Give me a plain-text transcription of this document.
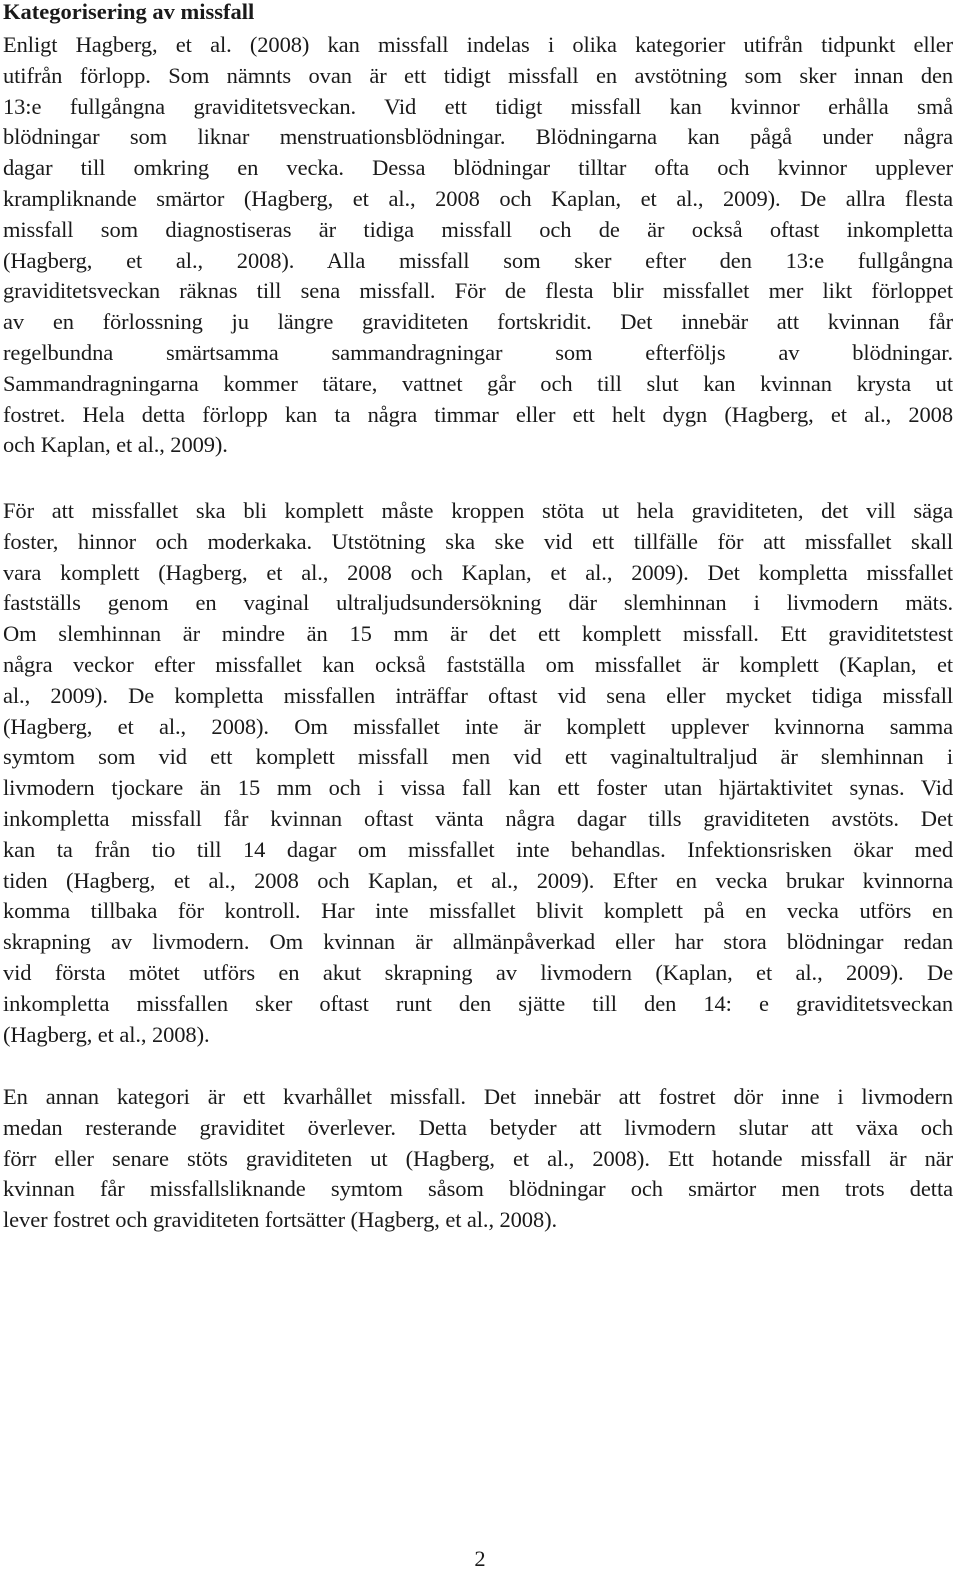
Kategorisering av missfall
Enligt Hagberg, et al. (2008) kan missfall indelas i olika kategorier utifrån tidpunkt eller
utifrån förlopp. Som nämnts ovan är ett tidigt missfall en avstötning som sker innan den
13:e fullgångna graviditetsveckan. Vid ett tidigt missfall kan kvinnor erhålla små
blödningar som liknar menstruationsblödningar. Blödningarna kan pågå under några
dagar till omkring en vecka. Dessa blödningar tilltar ofta och kvinnor upplever
krampliknande smärtor (Hagberg, et al., 2008 och Kaplan, et al., 2009). De allra flesta
missfall som diagnostiseras är tidiga missfall och de är också oftast inkompletta
(Hagberg, et al., 2008). Alla missfall som sker efter den 13:e fullgångna
graviditetsveckan räknas till sena missfall. För de flesta blir missfallet mer likt förloppet
av en förlossning ju längre graviditeten fortskridit. Det innebär att kvinnan får
regelbundna smärtsamma sammandragningar som efterföljs av blödningar.
Sammandragningarna kommer tätare, vattnet går och till slut kan kvinnan krysta ut
fostret. Hela detta förlopp kan ta några timmar eller ett helt dygn (Hagberg, et al., 2008
och Kaplan, et al., 2009).
För att missfallet ska bli komplett måste kroppen stöta ut hela graviditeten, det vill säga
foster, hinnor och moderkaka. Utstötning ska ske vid ett tillfälle för att missfallet skall
vara komplett (Hagberg, et al., 2008 och Kaplan, et al., 2009). Det kompletta missfallet
fastställs genom en vaginal ultraljudsundersökning där slemhinnan i livmodern mäts.
Om slemhinnan är mindre än 15 mm är det ett komplett missfall. Ett graviditetstest
några veckor efter missfallet kan också fastställa om missfallet är komplett (Kaplan, et
al., 2009). De kompletta missfallen inträffar oftast vid sena eller mycket tidiga missfall
(Hagberg, et al., 2008). Om missfallet inte är komplett upplever kvinnorna samma
symtom som vid ett komplett missfall men vid ett vaginaltultraljud är slemhinnan i
livmodern tjockare än 15 mm och i vissa fall kan ett foster utan hjärtaktivitet synas. Vid
inkompletta missfall får kvinnan oftast vänta några dagar tills graviditeten avstöts. Det
kan ta från tio till 14 dagar om missfallet inte behandlas. Infektionsrisken ökar med
tiden (Hagberg, et al., 2008 och Kaplan, et al., 2009). Efter en vecka brukar kvinnorna
komma tillbaka för kontroll. Har inte missfallet blivit komplett på en vecka utförs en
skrapning av livmodern. Om kvinnan är allmänpåverkad eller har stora blödningar redan
vid första mötet utförs en akut skrapning av livmodern (Kaplan, et al., 2009). De
inkompletta missfallen sker oftast runt den sjätte till den 14: e graviditetsveckan
(Hagberg, et al., 2008).
En annan kategori är ett kvarhållet missfall. Det innebär att fostret dör inne i livmodern
medan resterande graviditet överlever. Detta betyder att livmodern slutar att växa och
förr eller senare stöts graviditeten ut (Hagberg, et al., 2008). Ett hotande missfall är när
kvinnan får missfallsliknande symtom såsom blödningar och smärtor men trots detta
lever fostret och graviditeten fortsätter (Hagberg, et al., 2008).
2
